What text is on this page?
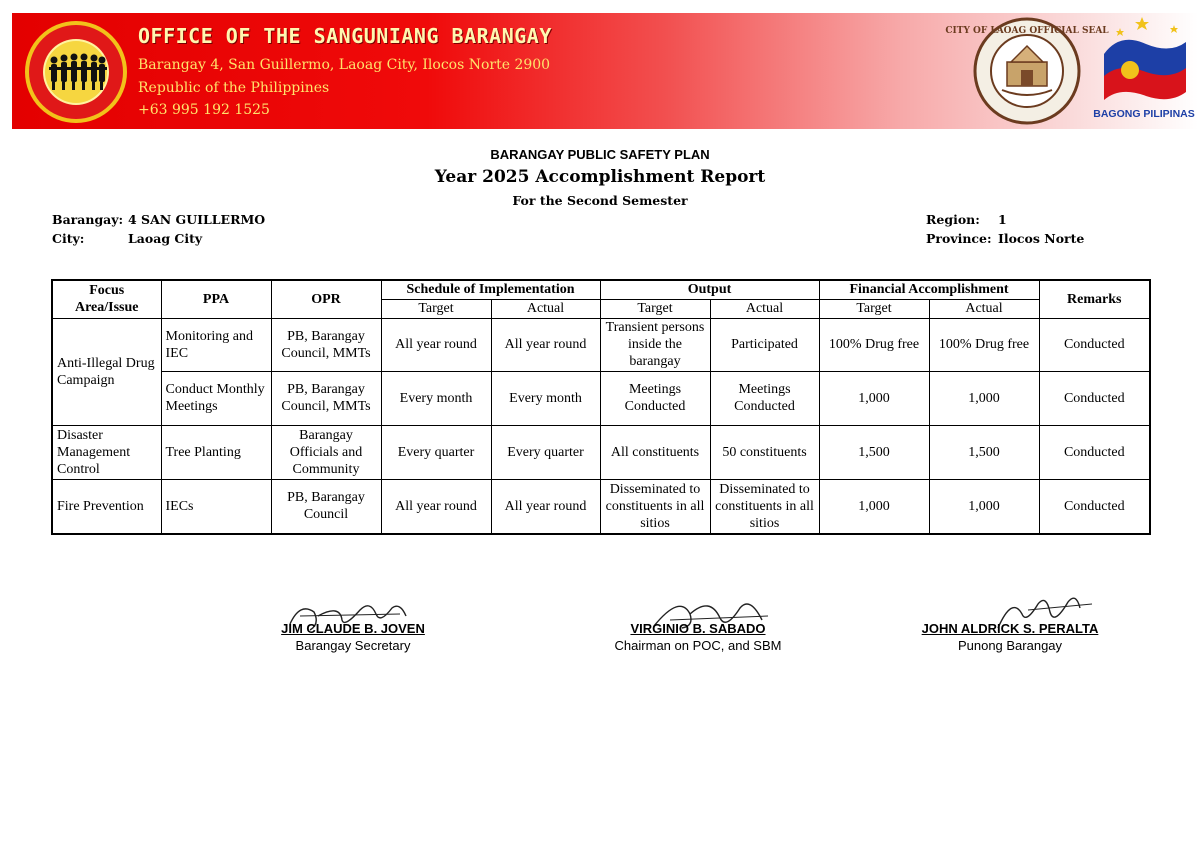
OFFICE OF THE SANGUNIANG BARANGAY
Barangay 4, San Guillermo, Laoag City, Ilocos Norte 2900
Republic of the Philippines
+63 995 192 1525
CITY OF LAOAG OFFICIAL SEAL
BAGONG PILIPINAS
BARANGAY PUBLIC SAFETY PLAN
Year 2025 Accomplishment Report
For the Second Semester
Barangay: 4 SAN GUILLERMO
City:	Laoag City
Region: 1
Province: Ilocos Norte
Focus Area/Issue	PPA	OPR	Schedule of Implementation		Output		Financial Accomplishment		Remarks
			Target	Actual	Target	Actual	Target	Actual	
Anti-Illegal Drug Campaign	Monitoring and IEC	PB, Barangay Council, MMTs	All year round	All year round	Transient persons inside the barangay	Participated	100% Drug free	100% Drug free	Conducted
	Conduct Monthly Meetings	PB, Barangay Council, MMTs	Every month	Every month	Meetings Conducted	Meetings Conducted	1,000	1,000	Conducted
Disaster Management Control	Tree Planting	Barangay Officials and Community	Every quarter	Every quarter	All constituents	50 constituents	1,500	1,500	Conducted
Fire Prevention	IECs	PB, Barangay Council	All year round	All year round	Disseminated to constituents in all sitios	Disseminated to constituents in all sitios	1,000	1,000	Conducted
JIM CLAUDE B. JOVEN
Barangay Secretary
VIRGINIO B. SABADO
Chairman on POC, and SBM
JOHN ALDRICK S. PERALTA
Punong Barangay
